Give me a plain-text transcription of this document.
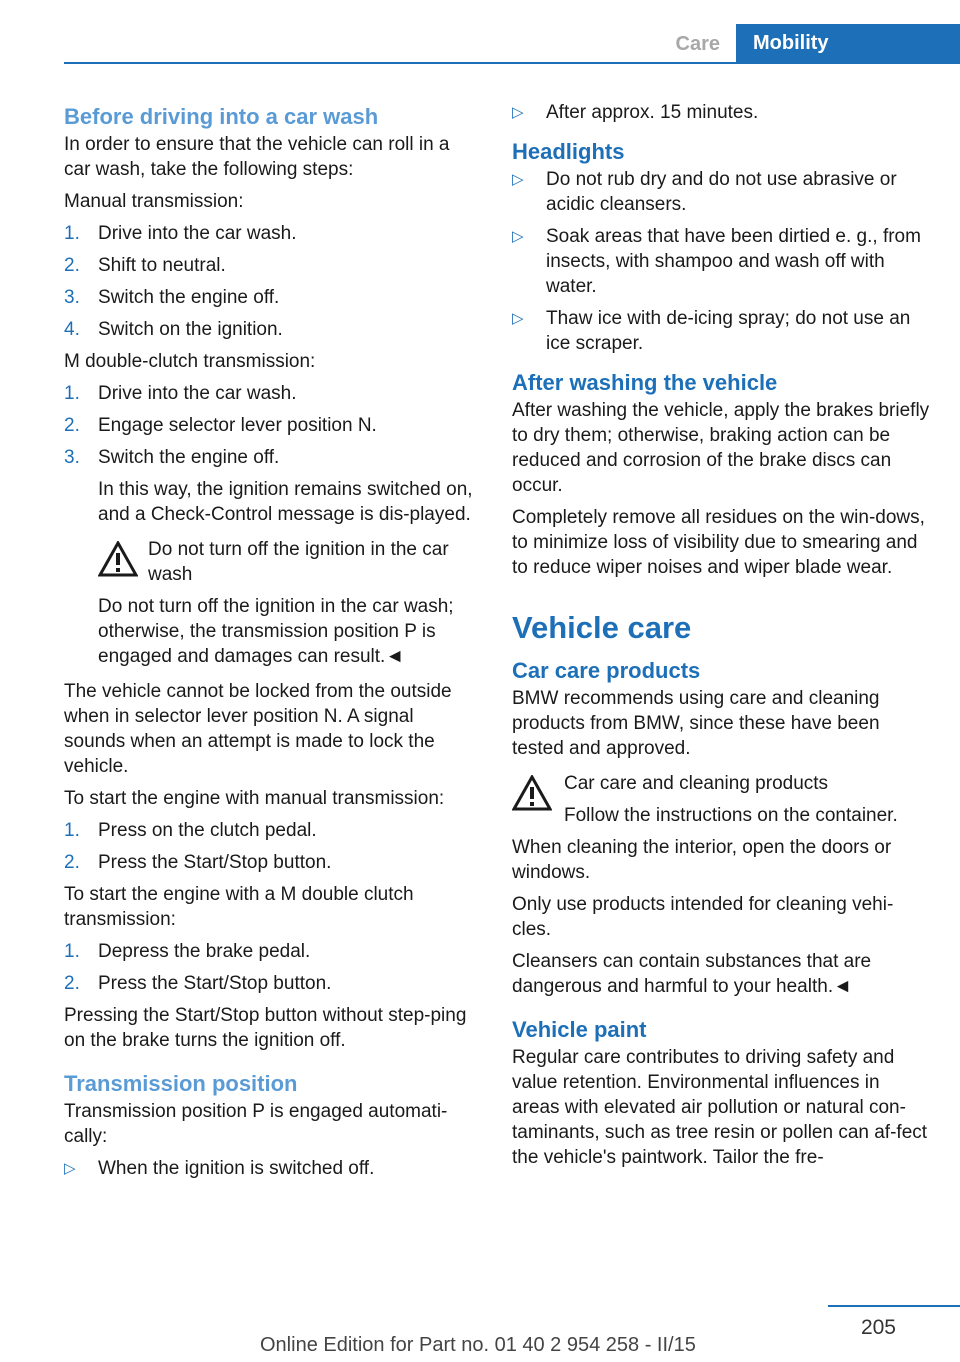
Care	Mobility
Before driving into a car wash

In order to ensure that the vehicle can roll in a car wash, take the following steps:

Manual transmission:

1. Drive into the car wash.
2. Shift to neutral.
3. Switch the engine off.
4. Switch on the ignition.

M double-clutch transmission:

1. Drive into the car wash.
2. Engage selector lever position N.
3. Switch the engine off.
In this way, the ignition remains switched on, and a Check-Control message is dis-played.
Do not turn off the ignition in the car wash
Do not turn off the ignition in the car wash; otherwise, the transmission position P is engaged and damages can result.◄

The vehicle cannot be locked from the outside when in selector lever position N. A signal sounds when an attempt is made to lock the vehicle.

To start the engine with manual transmission:

1. Press on the clutch pedal.
2. Press the Start/Stop button.

To start the engine with a M double clutch transmission:

1. Depress the brake pedal.
2. Press the Start/Stop button.

Pressing the Start/Stop button without step-ping on the brake turns the ignition off.

Transmission position

Transmission position P is engaged automati-cally:

▷ When the ignition is switched off.
▷ After approx. 15 minutes.
Headlights
▷ Do not rub dry and do not use abrasive or acidic cleansers.
▷ Soak areas that have been dirtied e. g., from insects, with shampoo and wash off with water.
▷ Thaw ice with de-icing spray; do not use an ice scraper.
After washing the vehicle

After washing the vehicle, apply the brakes briefly to dry them; otherwise, braking action can be reduced and corrosion of the brake discs can occur.

Completely remove all residues on the win-dows, to minimize loss of visibility due to smearing and to reduce wiper noises and wiper blade wear.

Vehicle care
Car care products

BMW recommends using care and cleaning products from BMW, since these have been tested and approved.

Car care and cleaning products
Follow the instructions on the container.

When cleaning the interior, open the doors or windows.

Only use products intended for cleaning vehi-cles.

Cleansers can contain substances that are dangerous and harmful to your health.◄

Vehicle paint

Regular care contributes to driving safety and value retention. Environmental influences in areas with elevated air pollution or natural con-taminants, such as tree resin or pollen can af-fect the vehicle's paintwork. Tailor the fre-

205
Online Edition for Part no. 01 40 2 954 258 - II/15
